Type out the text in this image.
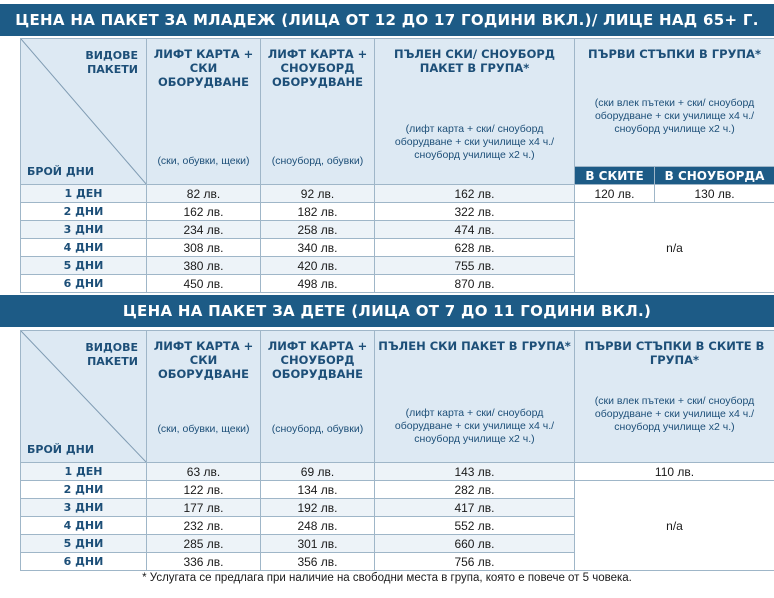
ЦЕНА НА ПАКЕТ ЗА МЛАДЕЖ (ЛИЦА ОТ 12 ДО 17 ГОДИНИ ВКЛ.)/ ЛИЦЕ НАД 65+ Г.
ВИДОВЕ ПАКЕТИ
БРОЙ ДНИ	ЛИФТ КАРТА + СКИ ОБОРУДВАНЕ
(ски, обувки, щеки)	ЛИФТ КАРТА + СНОУБОРД ОБОРУДВАНЕ
(сноуборд, обувки)	ПЪЛЕН СКИ/ СНОУБОРД ПАКЕТ В ГРУПА*
(лифт карта + ски/ сноуборд оборудване + ски училище х4 ч./ сноуборд училище х2 ч.)	ПЪРВИ СТЪПКИ В ГРУПА*
(ски влек пътеки + ски/ сноуборд оборудване + ски училище х4 ч./ сноуборд училище х2 ч.)	

				В СКИТЕ	В СНОУБОРДА
1 ДЕН	82 лв.	92 лв.	162 лв.	120 лв.	130 лв.
2 ДНИ	162 лв.	182 лв.	322 лв.	n/a	
3 ДНИ	234 лв.	258 лв.	474 лв.		
4 ДНИ	308 лв.	340 лв.	628 лв.		
5 ДНИ	380 лв.	420 лв.	755 лв.		
6 ДНИ	450 лв.	498 лв.	870 лв.		
ЦЕНА НА ПАКЕТ ЗА ДЕТЕ (ЛИЦА ОТ 7 ДО 11 ГОДИНИ ВКЛ.)
ВИДОВЕ ПАКЕТИ
БРОЙ ДНИ	ЛИФТ КАРТА + СКИ ОБОРУДВАНЕ
(ски, обувки, щеки)	ЛИФТ КАРТА + СНОУБОРД ОБОРУДВАНЕ
(сноуборд, обувки)	ПЪЛЕН СКИ ПАКЕТ В ГРУПА*
(лифт карта + ски/ сноуборд оборудване + ски училище х4 ч./ сноуборд училище х2 ч.)	ПЪРВИ СТЪПКИ В СКИТЕ В ГРУПА*
(ски влек пътеки + ски/ сноуборд оборудване + ски училище х4 ч./ сноуборд училище х2 ч.)

1 ДЕН	63 лв.	69 лв.	143 лв.	110 лв.
2 ДНИ	122 лв.	134 лв.	282 лв.	n/a
3 ДНИ	177 лв.	192 лв.	417 лв.	
4 ДНИ	232 лв.	248 лв.	552 лв.	
5 ДНИ	285 лв.	301 лв.	660 лв.	
6 ДНИ	336 лв.	356 лв.	756 лв.	
* Услугата се предлага при наличие на свободни места в група, която е повече от 5 човека.
